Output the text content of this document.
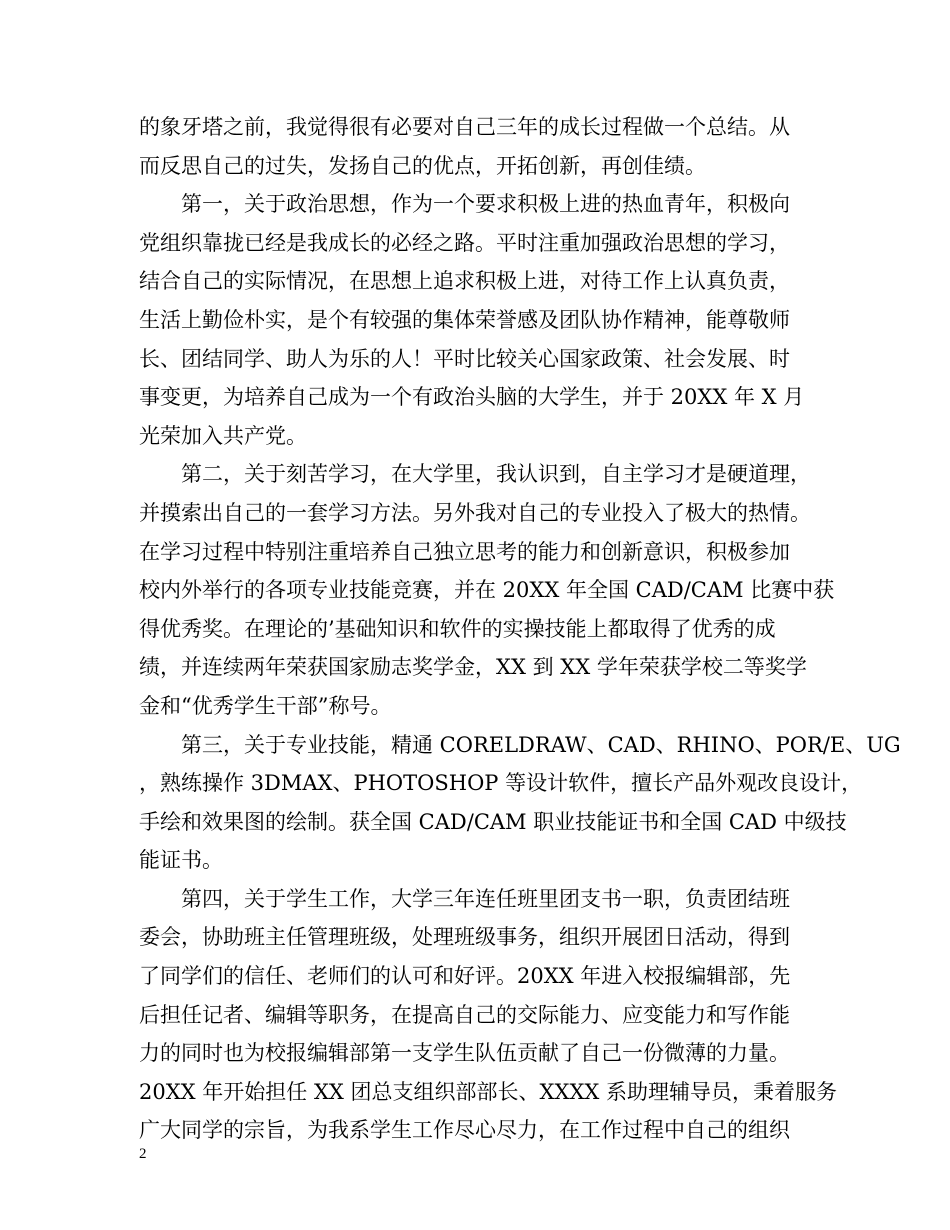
的象牙塔之前，我觉得很有必要对自己三年的成长过程做一个总结。从
而反思自己的过失，发扬自己的优点，开拓创新，再创佳绩。
　　第一，关于政治思想，作为一个要求积极上进的热血青年，积极向
党组织靠拢已经是我成长的必经之路。平时注重加强政治思想的学习，
结合自己的实际情况，在思想上追求积极上进，对待工作上认真负责，
生活上勤俭朴实，是个有较强的集体荣誉感及团队协作精神，能尊敬师
长、团结同学、助人为乐的人！平时比较关心国家政策、社会发展、时
事变更，为培养自己成为一个有政治头脑的大学生，并于 20XX 年 X 月
光荣加入共产党。
　　第二，关于刻苦学习，在大学里，我认识到，自主学习才是硬道理，
并摸索出自己的一套学习方法。另外我对自己的专业投入了极大的热情。
在学习过程中特别注重培养自己独立思考的能力和创新意识，积极参加
校内外举行的各项专业技能竞赛，并在 20XX 年全国 CAD/CAM 比赛中获
得优秀奖。在理论的’基础知识和软件的实操技能上都取得了优秀的成
绩，并连续两年荣获国家励志奖学金，XX 到 XX 学年荣获学校二等奖学
金和“优秀学生干部”称号。
　　第三，关于专业技能，精通 CORELDRAW、CAD、RHINO、POR/E、UG
，熟练操作 3DMAX、PHOTOSHOP 等设计软件，擅长产品外观改良设计，
手绘和效果图的绘制。获全国 CAD/CAM 职业技能证书和全国 CAD 中级技
能证书。
　　第四，关于学生工作，大学三年连任班里团支书一职，负责团结班
委会，协助班主任管理班级，处理班级事务，组织开展团日活动，得到
了同学们的信任、老师们的认可和好评。20XX 年进入校报编辑部，先
后担任记者、编辑等职务，在提高自己的交际能力、应变能力和写作能
力的同时也为校报编辑部第一支学生队伍贡献了自己一份微薄的力量。
20XX 年开始担任 XX 团总支组织部部长、XXXX 系助理辅导员，秉着服务
广大同学的宗旨，为我系学生工作尽心尽力，在工作过程中自己的组织
2
